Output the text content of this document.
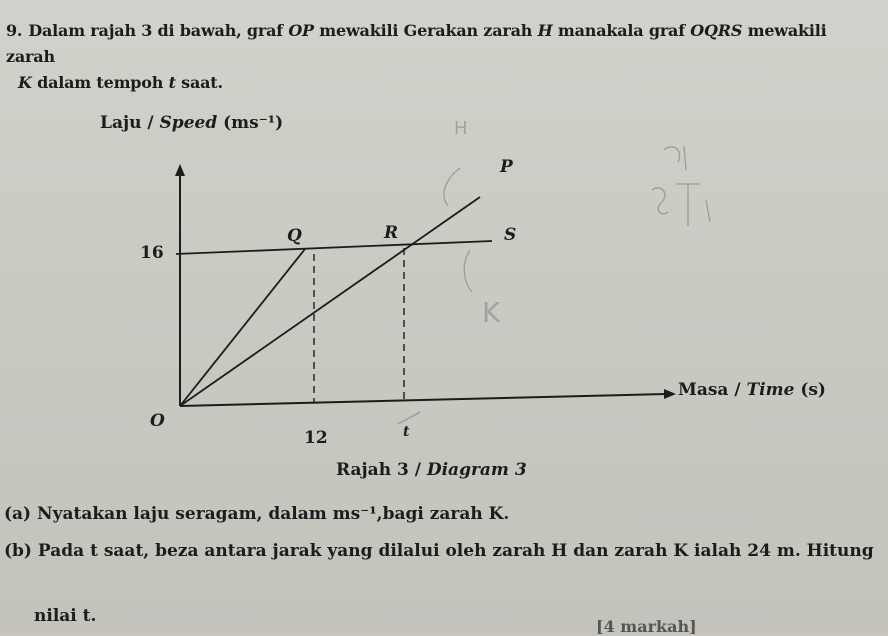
9. Dalam rajah 3 di bawah, graf OP mewakili Gerakan zarah H manakala graf OQRS mewakili zarah
K dalam tempoh t saat.
P
Q	R	S
16
O
12	t
H
K
Laju / Speed (ms⁻¹)
Masa / Time (s)
Rajah 3 / Diagram 3
(a) Nyatakan laju seragam, dalam ms⁻¹,bagi zarah K.
(b) Pada t saat, beza antara jarak yang dilalui oleh zarah H dan zarah K ialah 24 m. Hitung
nilai t.
[4 markah]
